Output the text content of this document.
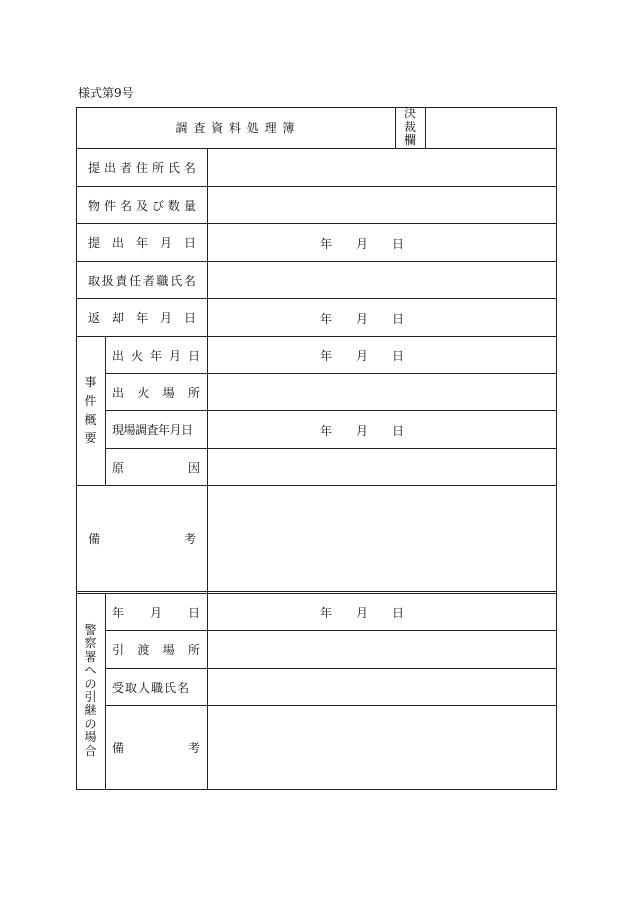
様式第9号
調 査 資 料 処 理 簿
決
裁
欄
提 出 者 住 所 氏 名
物 件 名 及 び 数 量
提 出 年 月 日	年 月 日
取 扱 責 任 者 職 氏 名
返 却 年 月 日	年 月 日
事
件
概
要
出 火 年 月 日	年 月 日
出 火 場 所
現場調査年月日	年 月 日
原	因
備	考
警
察
署
へ
の
引
継
の
場
合
年 月 日	年 月 日
引 渡 場 所
受取人職氏名
備	考
